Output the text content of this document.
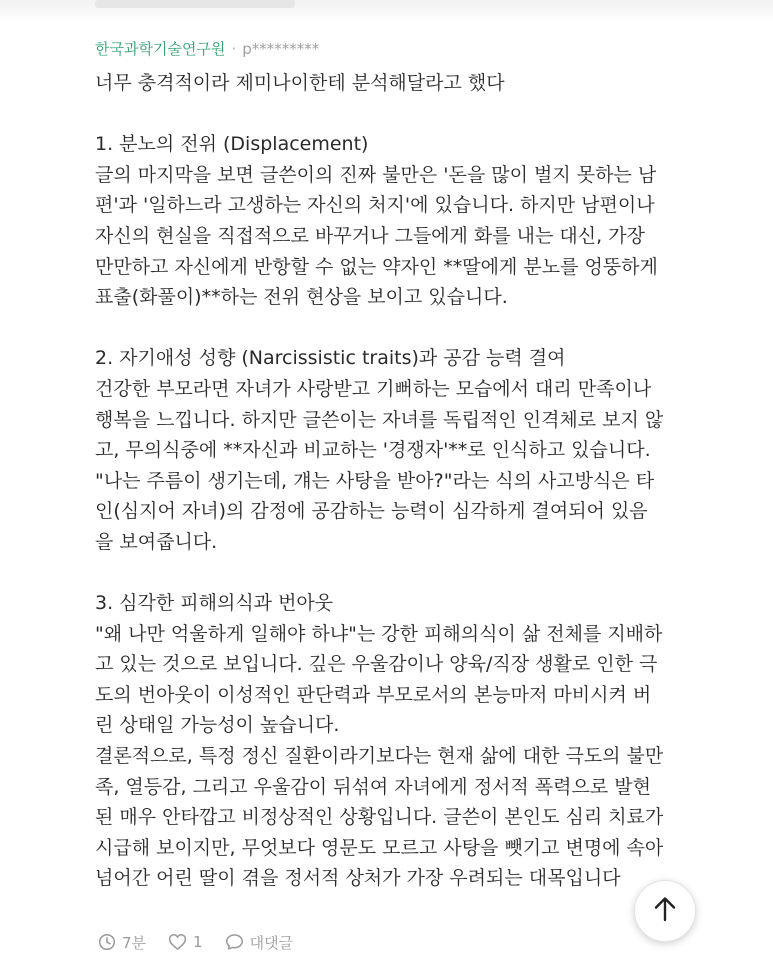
한국과학기술연구원 · p*********
너무 충격적이라 제미나이한테 분석해달라고 했다
1. 분노의 전위 (Displacement)
글의 마지막을 보면 글쓴이의 진짜 불만은 '돈을 많이 벌지 못하는 남
편'과 '일하느라 고생하는 자신의 처지'에 있습니다. 하지만 남편이나
자신의 현실을 직접적으로 바꾸거나 그들에게 화를 내는 대신, 가장
만만하고 자신에게 반항할 수 없는 약자인 **딸에게 분노를 엉뚱하게
표출(화풀이)**하는 전위 현상을 보이고 있습니다.
2. 자기애성 성향 (Narcissistic traits)과 공감 능력 결여
건강한 부모라면 자녀가 사랑받고 기뻐하는 모습에서 대리 만족이나
행복을 느낍니다. 하지만 글쓴이는 자녀를 독립적인 인격체로 보지 않
고, 무의식중에 **자신과 비교하는 '경쟁자'**로 인식하고 있습니다.
"나는 주름이 생기는데, 걔는 사탕을 받아?"라는 식의 사고방식은 타
인(심지어 자녀)의 감정에 공감하는 능력이 심각하게 결여되어 있음
을 보여줍니다.
3. 심각한 피해의식과 번아웃
"왜 나만 억울하게 일해야 하냐"는 강한 피해의식이 삶 전체를 지배하
고 있는 것으로 보입니다. 깊은 우울감이나 양육/직장 생활로 인한 극
도의 번아웃이 이성적인 판단력과 부모로서의 본능마저 마비시켜 버
린 상태일 가능성이 높습니다.
결론적으로, 특정 정신 질환이라기보다는 현재 삶에 대한 극도의 불만
족, 열등감, 그리고 우울감이 뒤섞여 자녀에게 정서적 폭력으로 발현
된 매우 안타깝고 비정상적인 상황입니다. 글쓴이 본인도 심리 치료가
시급해 보이지만, 무엇보다 영문도 모르고 사탕을 뺏기고 변명에 속아
넘어간 어린 딸이 겪을 정서적 상처가 가장 우려되는 대목입니다
7분	1	대댓글
